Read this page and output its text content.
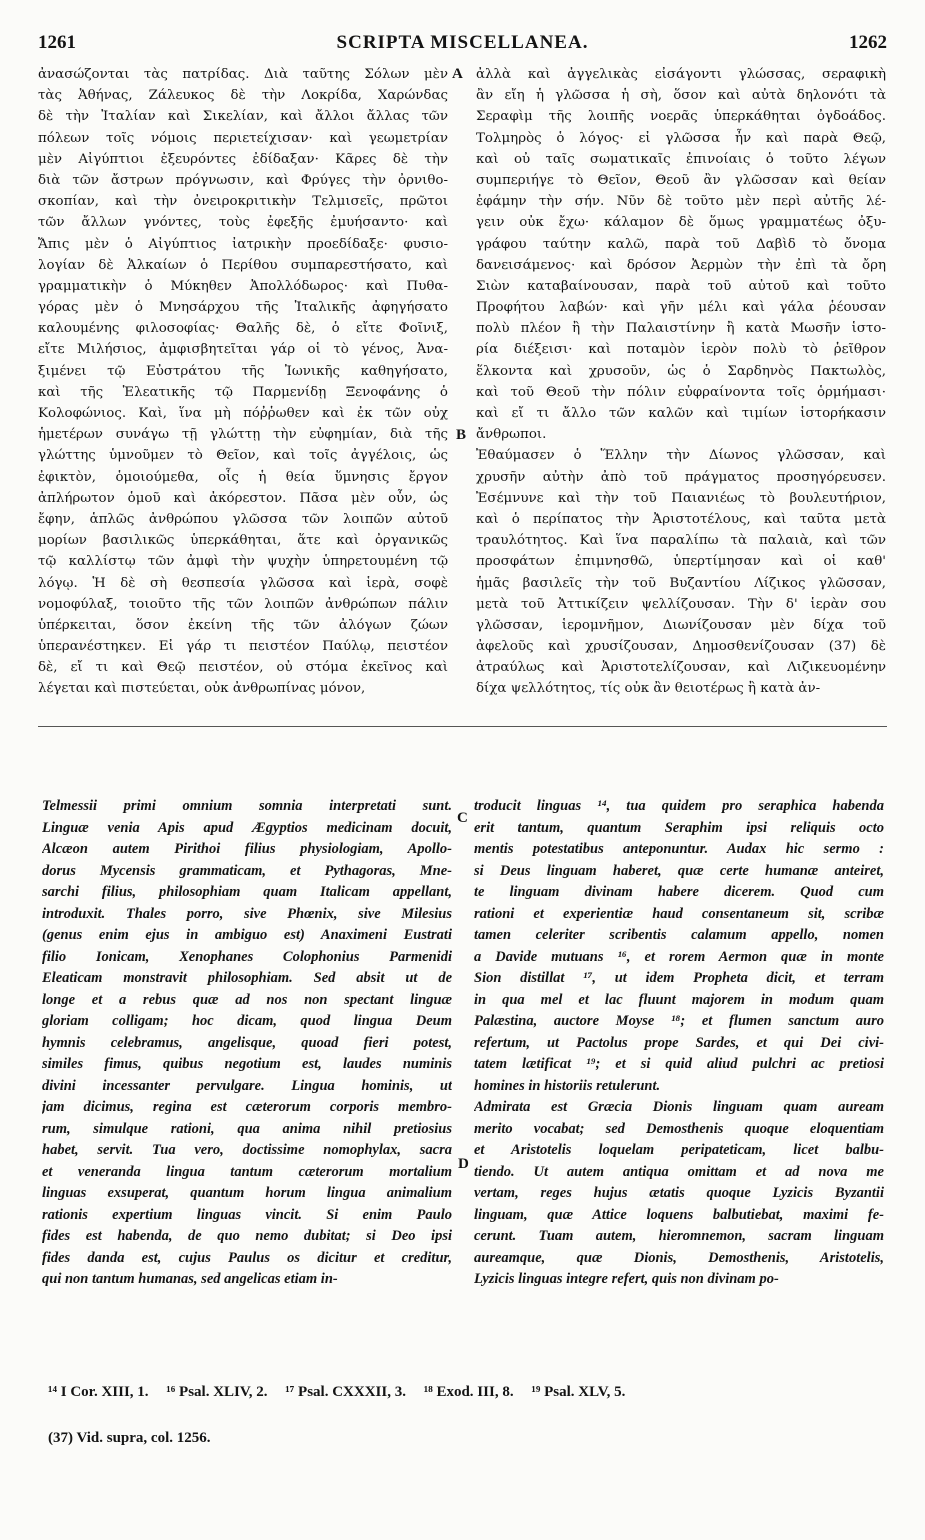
1261	SCRIPTA MISCELLANEA.	1262
ἀνασώζονται τὰς πατρίδας. Διὰ ταῦτης Σόλων μὲν
τὰς Ἀθήνας, Ζάλευκος δὲ τὴν Λοκρίδα, Χαρώνδας
δὲ τὴν Ἰταλίαν καὶ Σικελίαν, καὶ ἄλλοι ἄλλας τῶν
πόλεων τοῖς νόμοις περιετείχισαν· καὶ γεωμετρίαν
μὲν Αἰγύπτιοι ἐξευρόντες ἐδίδαξαν· Κᾶρες δὲ τὴν
διὰ τῶν ἄστρων πρόγνωσιν, καὶ Φρύγες τὴν ὀρνιθο-
σκοπίαν, καὶ τὴν ὀνειροκριτικὴν Τελμισεῖς, πρῶτοι
τῶν ἄλλων γνόντες, τοὺς ἐφεξῆς ἐμυήσαντο· καὶ
Ἄπις μὲν ὁ Αἰγύπτιος ἰατρικὴν προεδίδαξε· φυσιο-
λογίαν δὲ Ἀλκαίων ὁ Περίθου συμπαρεστήσατο, καὶ
γραμματικὴν ὁ Μύκηθεν Ἀπολλόδωρος· καὶ Πυθα-
γόρας μὲν ὁ Μνησάρχου τῆς Ἰταλικῆς ἀφηγήσατο
καλουμένης φιλοσοφίας· Θαλῆς δὲ, ὁ εἴτε Φοῖνιξ,
εἴτε Μιλήσιος, ἀμφισβητεῖται γάρ οἱ τὸ γένος, Ἀνα-
ξιμένει τῷ Εὐστράτου τῆς Ἰωνικῆς καθηγήσατο,
καὶ τῆς Ἐλεατικῆς τῷ Παρμενίδῃ Ξενοφάνης ὁ
Κολοφώνιος. Καὶ, ἵνα μὴ πόῤῥωθεν καὶ ἐκ τῶν οὐχ
ἡμετέρων συνάγω τῇ γλώττῃ τὴν εὐφημίαν, διὰ τῆς
γλώττης ὑμνοῦμεν τὸ Θεῖον, καὶ τοῖς ἀγγέλοις, ὡς
ἐφικτὸν, ὁμοιούμεθα, οἷς ἡ θεία ὕμνησις ἔργον
ἀπλήρωτον ὁμοῦ καὶ ἀκόρεστον. Πᾶσα μὲν οὖν, ὡς
ἔφην, ἁπλῶς ἀνθρώπου γλῶσσα τῶν λοιπῶν αὐτοῦ
μορίων βασιλικῶς ὑπερκάθηται, ἅτε καὶ ὀργανικῶς
τῷ καλλίστῳ τῶν ἀμφὶ τὴν ψυχὴν ὑπηρετουμένη τῷ
λόγῳ. Ἡ δὲ σὴ θεσπεσία γλῶσσα καὶ ἱερὰ, σοφὲ
νομοφύλαξ, τοιοῦτο τῆς τῶν λοιπῶν ἀνθρώπων πάλιν
ὑπέρκειται, ὅσον ἐκείνη τῆς τῶν ἀλόγων ζώων
ὑπερανέστηκεν. Εἰ γάρ τι πειστέον Παύλῳ, πειστέον
δὲ, εἴ τι καὶ Θεῷ πειστέον, οὐ στόμα ἐκεῖνος καὶ
λέγεται καὶ πιστεύεται, οὐκ ἀνθρωπίνας μόνον,
ἀλλὰ καὶ ἀγγελικὰς εἰσάγοντι γλώσσας, σεραφικὴ
ἂν εἴη ἡ γλῶσσα ἡ σὴ, ὅσον καὶ αὐτὰ δηλονότι τὰ
Σεραφὶμ τῆς λοιπῆς νοερᾶς ὑπερκάθηται ὀγδοάδος.
Τολμηρὸς ὁ λόγος· εἰ γλῶσσα ἦν καὶ παρὰ Θεῷ,
καὶ οὐ ταῖς σωματικαῖς ἐπινοίαις ὁ τοῦτο λέγων
συμπεριήγε τὸ Θεῖον, Θεοῦ ἂν γλῶσσαν καὶ θείαν
ἐφάμην τὴν σήν. Νῦν δὲ τοῦτο μὲν περὶ αὐτῆς λέ-
γειν οὐκ ἔχω· κάλαμον δὲ ὅμως γραμματέως ὀξυ-
γράφου ταύτην καλῶ, παρὰ τοῦ Δαβὶδ τὸ ὄνομα
δανεισάμενος· καὶ δρόσον Ἀερμὼν τὴν ἐπὶ τὰ ὄρη
Σιὼν καταβαίνουσαν, παρὰ τοῦ αὐτοῦ καὶ τοῦτο
Προφήτου λαβών· καὶ γῆν μέλι καὶ γάλα ῥέουσαν
πολὺ πλέον ἢ τὴν Παλαιστίνην ἢ κατὰ Μωσῆν ἱστο-
ρία διέξεισι· καὶ ποταμὸν ἱερὸν πολὺ τὸ ῥεῖθρον
ἕλκοντα καὶ χρυσοῦν, ὡς ὁ Σαρδηνὸς Πακτωλὸς,
καὶ τοῦ Θεοῦ τὴν πόλιν εὐφραίνοντα τοῖς ὁρμήμασι·
καὶ εἴ τι ἄλλο τῶν καλῶν καὶ τιμίων ἱστορήκασιν
ἄνθρωποι.
Ἐθαύμασεν ὁ Ἕλλην τὴν Δίωνος γλῶσσαν, καὶ
χρυσῆν αὐτὴν ἀπὸ τοῦ πράγματος προσηγόρευσεν.
Ἐσέμνυνε καὶ τὴν τοῦ Παιανιέως τὸ βουλευτήριον,
καὶ ὁ περίπατος τὴν Ἀριστοτέλους, καὶ ταῦτα μετὰ
τραυλότητος. Καὶ ἵνα παραλίπω τὰ παλαιὰ, καὶ τῶν
προσφάτων ἐπιμνησθῶ, ὑπερτίμησαν καὶ οἱ καθ'
ἡμᾶς βασιλεῖς τὴν τοῦ Βυζαντίου Λίζικος γλῶσσαν,
μετὰ τοῦ Ἀττικίζειν ψελλίζουσαν. Τὴν δ' ἱερὰν σου
γλῶσσαν, ἱερομνῆμον, Διωνίζουσαν μὲν δίχα τοῦ
ἀφελοῦς καὶ χρυσίζουσαν, Δημοσθενίζουσαν (37) δὲ
ἀτραύλως καὶ Ἀριστοτελίζουσαν, καὶ Λιζικευομένην
δίχα ψελλότητος, τίς οὐκ ἂν θειοτέρως ἢ κατὰ ἀν-
Telmessii primi omnium somnia interpretati sunt.
Linguæ venia Apis apud Ægyptios medicinam docuit,
Alcæon autem Pirithoi filius physiologiam, Apollo-
dorus Mycensis grammaticam, et Pythagoras, Mne-
sarchi filius, philosophiam quam Italicam appellant,
introduxit. Thales porro, sive Phœnix, sive Milesius
(genus enim ejus in ambiguo est) Anaximeni Eustrati
filio Ionicam, Xenophanes Colophonius Parmenidi
Eleaticam monstravit philosophiam. Sed absit ut de
longe et a rebus quæ ad nos non spectant linguæ
gloriam colligam; hoc dicam, quod lingua Deum
hymnis celebramus, angelisque, quoad fieri potest,
similes fimus, quibus negotium est, laudes numinis
divini incessanter pervulgare. Lingua hominis, ut
jam dicimus, regina est cæterorum corporis membro-
rum, simulque rationi, qua anima nihil pretiosius
habet, servit. Tua vero, doctissime nomophylax, sacra
et veneranda lingua tantum cæterorum mortalium
linguas exsuperat, quantum horum lingua animalium
rationis expertium linguas vincit. Si enim Paulo
fides est habenda, de quo nemo dubitat; si Deo ipsi
fides danda est, cujus Paulus os dicitur et creditur,
qui non tantum humanas, sed angelicas etiam in-
troducit linguas ¹⁴, tua quidem pro seraphica habenda
erit tantum, quantum Seraphim ipsi reliquis octo
mentis potestatibus anteponuntur. Audax hic sermo :
si Deus linguam haberet, quæ certe humanæ anteiret,
te linguam divinam habere dicerem. Quod cum
rationi et experientiæ haud consentaneum sit, scribæ
tamen celeriter scribentis calamum appello, nomen
a Davide mutuans ¹⁶, et rorem Aermon quæ in monte
Sion distillat ¹⁷, ut idem Propheta dicit, et terram
in qua mel et lac fluunt majorem in modum quam
Palæstina, auctore Moyse ¹⁸; et flumen sanctum auro
refertum, ut Pactolus prope Sardes, et qui Dei civi-
tatem lætificat ¹⁹; et si quid aliud pulchri ac pretiosi
homines in historiis retulerunt.
Admirata est Græcia Dionis linguam quam auream
merito vocabat; sed Demosthenis quoque eloquentiam
et Aristotelis loquelam peripateticam, licet balbu-
tiendo. Ut autem antiqua omittam et ad nova me
vertam, reges hujus ætatis quoque Lyzicis Byzantii
linguam, quæ Attice loquens balbutiebat, maximi fe-
cerunt. Tuam autem, hieromnemon, sacram linguam
aureamque, quæ Dionis, Demosthenis, Aristotelis,
Lyzicis linguas integre refert, quis non divinam po-
A
B
C
D
¹⁴ I Cor. XIII, 1. ¹⁶ Psal. XLIV, 2. ¹⁷ Psal. CXXXII, 3. ¹⁸ Exod. III, 8. ¹⁹ Psal. XLV, 5.
(37) Vid. supra, col. 1256.
